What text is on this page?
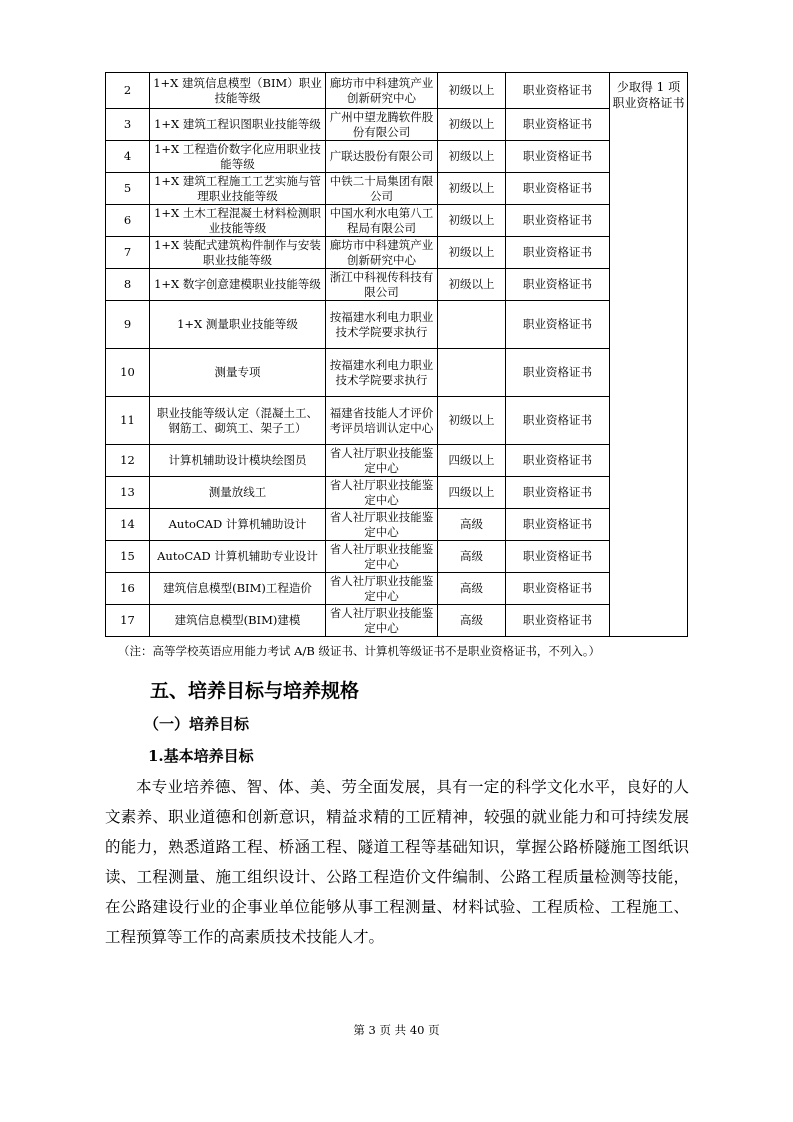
2	1+X 建筑信息模型（BIM）职业技能等级	廊坊市中科建筑产业创新研究中心	初级以上	职业资格证书	少取得 1 项职业资格证书
3	1+X 建筑工程识图职业技能等级	广州中望龙腾软件股份有限公司	初级以上	职业资格证书	
4	1+X 工程造价数字化应用职业技能等级	广联达股份有限公司	初级以上	职业资格证书	
5	1+X 建筑工程施工工艺实施与管理职业技能等级	中铁二十局集团有限公司	初级以上	职业资格证书	
6	1+X 土木工程混凝土材料检测职业技能等级	中国水利水电第八工程局有限公司	初级以上	职业资格证书	
7	1+X 装配式建筑构件制作与安装职业技能等级	廊坊市中科建筑产业创新研究中心	初级以上	职业资格证书	
8	1+X 数字创意建模职业技能等级	浙江中科视传科技有限公司	初级以上	职业资格证书	
9	1+X 测量职业技能等级	按福建水利电力职业技术学院要求执行		职业资格证书	
10	测量专项	按福建水利电力职业技术学院要求执行		职业资格证书	
11	职业技能等级认定（混凝土工、钢筋工、砌筑工、架子工）	福建省技能人才评价考评员培训认定中心	初级以上	职业资格证书	
12	计算机辅助设计模块绘图员	省人社厅职业技能鉴定中心	四级以上	职业资格证书	
13	测量放线工	省人社厅职业技能鉴定中心	四级以上	职业资格证书	
14	AutoCAD 计算机辅助设计	省人社厅职业技能鉴定中心	高级	职业资格证书	
15	AutoCAD 计算机辅助专业设计	省人社厅职业技能鉴定中心	高级	职业资格证书	
16	建筑信息模型(BIM)工程造价	省人社厅职业技能鉴定中心	高级	职业资格证书	
17	建筑信息模型(BIM)建模	省人社厅职业技能鉴定中心	高级	职业资格证书	
（注：高等学校英语应用能力考试 A/B 级证书、计算机等级证书不是职业资格证书，不列入。）
五、培养目标与培养规格
（一）培养目标
1.基本培养目标

本专业培养德、智、体、美、劳全面发展，具有一定的科学文化水平，良好的人文素养、职业道德和创新意识，精益求精的工匠精神，较强的就业能力和可持续发展的能力，熟悉道路工程、桥涵工程、隧道工程等基础知识，掌握公路桥隧施工图纸识读、工程测量、施工组织设计、公路工程造价文件编制、公路工程质量检测等技能，在公路建设行业的企事业单位能够从事工程测量、材料试验、工程质检、工程施工、工程预算等工作的高素质技术技能人才。

第 3 页 共 40 页
